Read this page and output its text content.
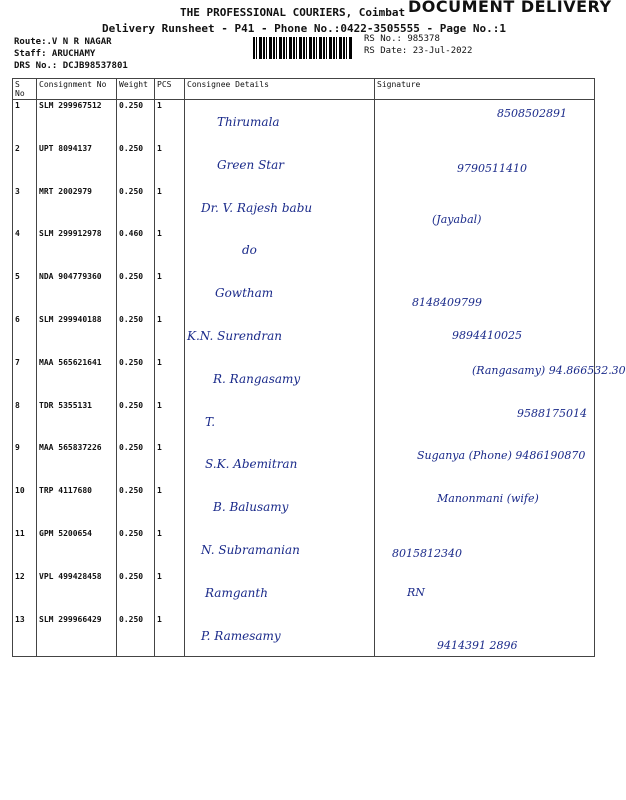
THE PROFESSIONAL COURIERS, Coimbat DOCUMENT DELIVERY
Delivery Runsheet - P41 - Phone No.:0422-3505555 - Page No.:1
Route:.V N R NAGAR
Staff: ARUCHAMY
DRS No.: DCJB98537801
RS No.: 985378
RS Date: 23-Jul-2022
S No	Consignment No	Weight	PCS	Consignee Details	Signature
1	SLM 299967512	0.250	1	Thirumala	8508502891
2	UPT 8094137	0.250	1	Green Star	9790511410
3	MRT 2002979	0.250	1	Dr. V. Rajesh babu	(Jayabal)
4	SLM 299912978	0.460	1	do	
5	NDA 904779360	0.250	1	Gowtham	8148409799
6	SLM 299940188	0.250	1	K.N. Surendran	9894410025
7	MAA 565621641	0.250	1	R. Rangasamy	(Rangasamy) 94.866532.30
8	TDR 5355131	0.250	1	T.	9588175014
9	MAA 565837226	0.250	1	S.K. Abemitran	Suganya (Phone) 9486190870
10	TRP 4117680	0.250	1	B. Balusamy	Manonmani (wife)
11	GPM 5200654	0.250	1	N. Subramanian	8015812340
12	VPL 499428458	0.250	1	Ramganth	RN
13	SLM 299966429	0.250	1	P. Ramesamy	9414391 2896
